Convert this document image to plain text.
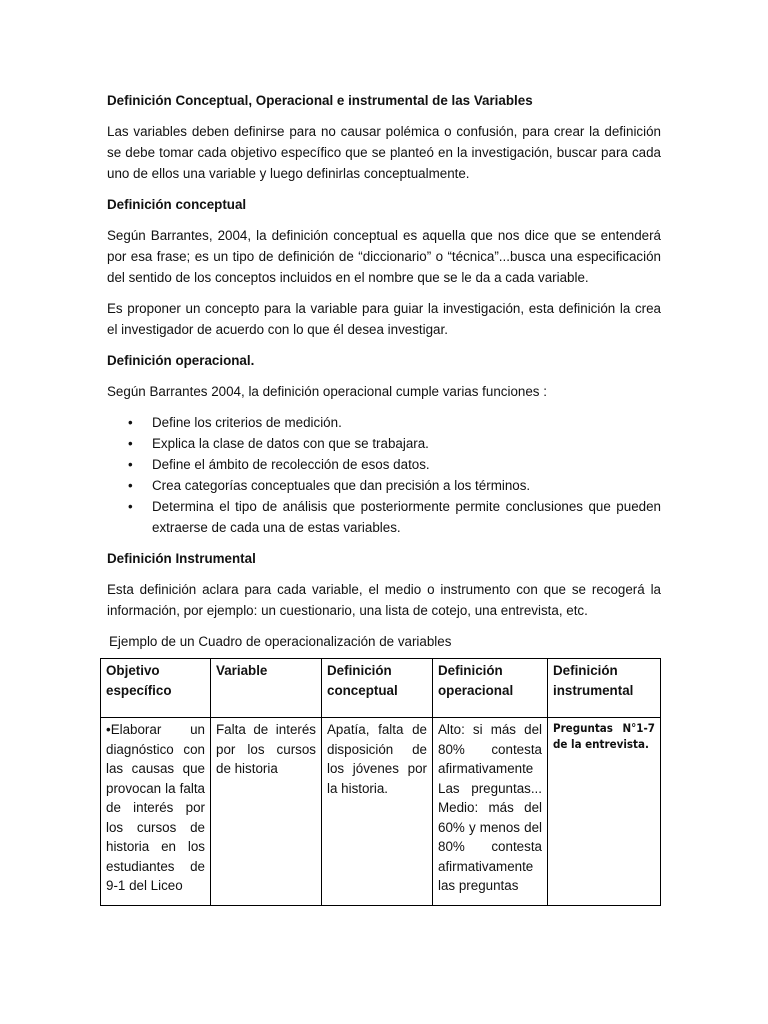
Definición Conceptual, Operacional e instrumental de las Variables

Las variables deben definirse para no causar polémica o confusión, para crear la definición se debe tomar cada objetivo específico que se planteó en la investigación, buscar para cada uno de ellos una variable y luego definirlas conceptualmente.

Definición conceptual

Según Barrantes, 2004, la definición conceptual es aquella que nos dice que se entenderá por esa frase; es un tipo de definición de “diccionario” o “técnica”...busca una especificación del sentido de los conceptos incluidos en el nombre que se le da a cada variable.

Es proponer un concepto para la variable para guiar la investigación, esta definición la crea el investigador de acuerdo con lo que él desea investigar.

Definición operacional.

Según Barrantes 2004, la definición operacional cumple varias funciones :

• Define los criterios de medición.
• Explica la clase de datos con que se trabajara.
• Define el ámbito de recolección de esos datos.
• Crea categorías conceptuales que dan precisión a los términos.
• Determina el tipo de análisis que posteriormente permite conclusiones que pueden extraerse de cada una de estas variables.
Definición Instrumental

Esta definición aclara para cada variable, el medio o instrumento con que se recogerá la información, por ejemplo: un cuestionario, una lista de cotejo, una entrevista, etc.

Ejemplo de un Cuadro de operacionalización de variables
Objetivo específico	Variable	Definición conceptual	Definición operacional	Definición instrumental
•Elaborar un diagnóstico con las causas que provocan la falta de interés por los cursos de historia en los estudiantes de 9-1 del Liceo	Falta de interés por los cursos de historia	Apatía, falta de disposición de los jóvenes por la historia.	Alto: si más del 80% contesta afirmativamente Las preguntas... Medio: más del 60% y menos del 80% contesta afirmativamente las preguntas	Preguntas N°1-7 de la entrevista.
